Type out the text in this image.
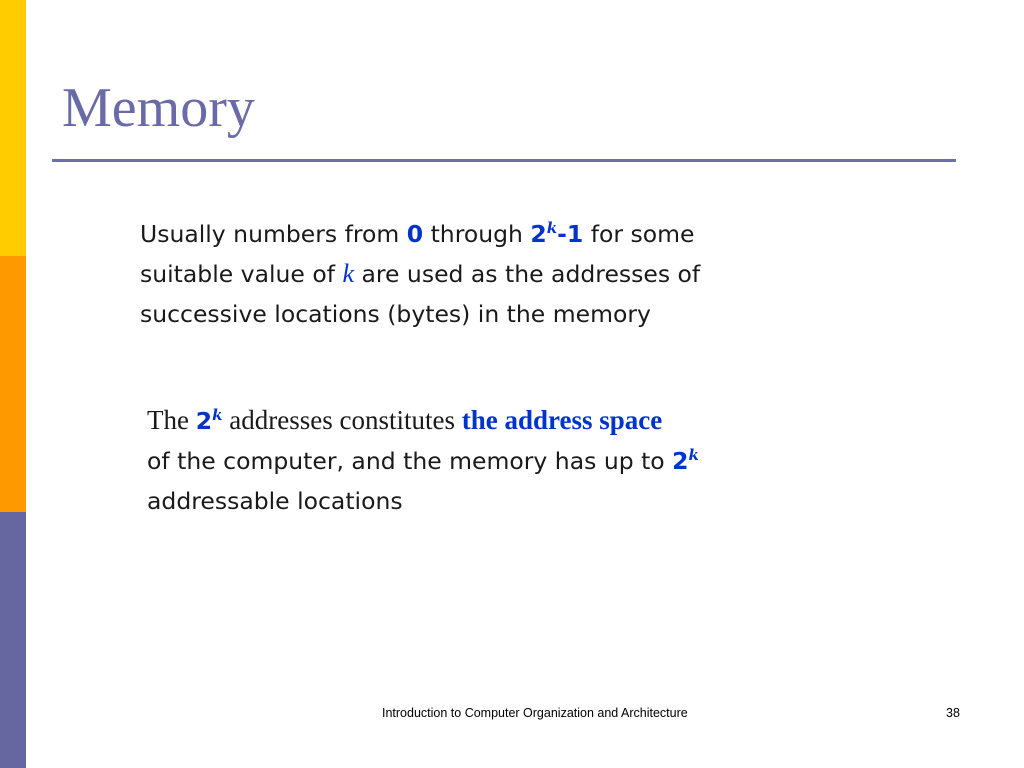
Memory
Usually numbers from 0 through 2$^k$-1 for some
suitable value of k are used as the addresses of
successive locations (bytes) in the memory
The 2$^k$ addresses constitutes the address space
of the computer, and the memory has up to 2$^k$
addressable locations
Introduction to Computer Organization and Architecture	38
